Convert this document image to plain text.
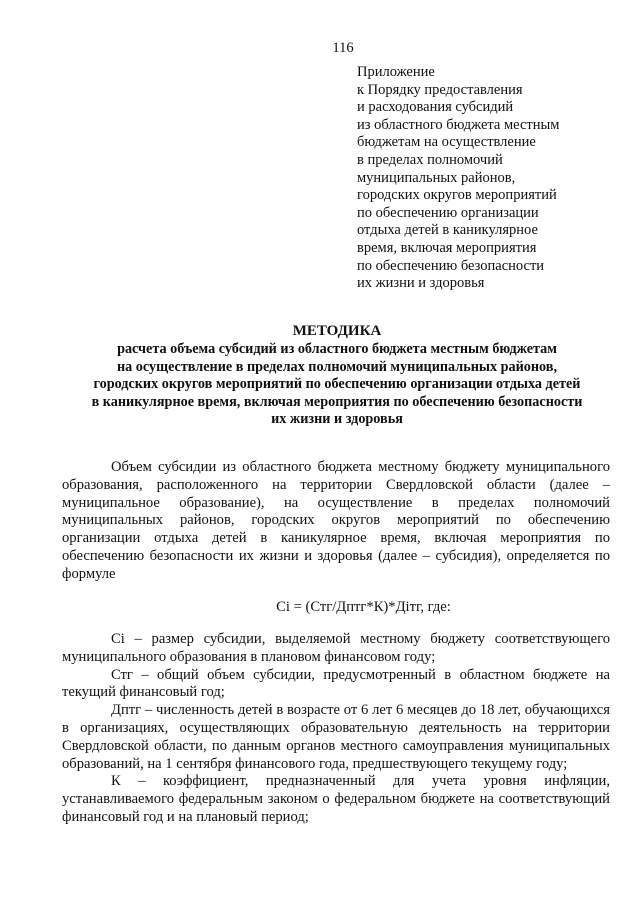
116
Приложение
к Порядку предоставления
и расходования субсидий
из областного бюджета местным
бюджетам на осуществление
в пределах полномочий
муниципальных районов,
городских округов мероприятий
по обеспечению организации
отдыха детей в каникулярное
время, включая мероприятия
по обеспечению безопасности
их жизни и здоровья
МЕТОДИКА
расчета объема субсидий из областного бюджета местным бюджетам
на осуществление в пределах полномочий муниципальных районов,
городских округов мероприятий по обеспечению организации отдыха детей
в каникулярное время, включая мероприятия по обеспечению безопасности
их жизни и здоровья

Объем субсидии из областного бюджета местному бюджету муниципального образования, расположенного на территории Свердловской области (далее – муниципальное образование), на осуществление в пределах полномочий муниципальных районов, городских округов мероприятий по обеспечению организации отдыха детей в каникулярное время, включая мероприятия по обеспечению безопасности их жизни и здоровья (далее – субсидия), определяется по формуле

Сi = (Стг/Дптг*К)*Дiтг, где:

Сi – размер субсидии, выделяемой местному бюджету соответствующего муниципального образования в плановом финансовом году;

Стг – общий объем субсидии, предусмотренный в областном бюджете на текущий финансовый год;

Дптг – численность детей в возрасте от 6 лет 6 месяцев до 18 лет, обучающихся в организациях, осуществляющих образовательную деятельность на территории Свердловской области, по данным органов местного самоуправления муниципальных образований, на 1 сентября финансового года, предшествующего текущему году;

К – коэффициент, предназначенный для учета уровня инфляции, устанавливаемого федеральным законом о федеральном бюджете на соответствующий финансовый год и на плановый период;
